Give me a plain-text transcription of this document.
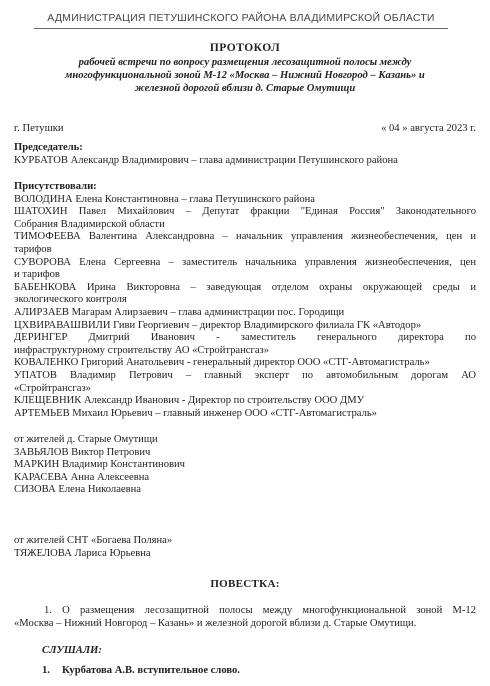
АДМИНИСТРАЦИЯ ПЕТУШИНСКОГО РАЙОНА ВЛАДИМИРСКОЙ ОБЛАСТИ
ПРОТОКОЛ
рабочей встречи по вопросу размещения лесозащитной полосы между
многофункциональной зоной М-12 «Москва – Нижний Новгород – Казань» и
железной дорогой вблизи д. Старые Омутищи
г. Петушки	« 04 » августа 2023 г.
Председатель:
КУРБАТОВ Александр Владимирович – глава администрации Петушинского района
Присутствовали:
ВОЛОДИНА Елена Константиновна – глава Петушинского района
ШАТОХИН Павел Михайлович – Депутат фракции "Единая Россия" Законодательного
Собрания Владимирской области
ТИМОФЕЕВА Валентина Александровна – начальник управления жизнеобеспечения, цен и
тарифов
СУВОРОВА Елена Сергеевна – заместитель начальника управления жизнеобеспечения, цен
и тарифов
БАБЕНКОВА Ирина Викторовна – заведующая отделом охраны окружающей среды и
экологического контроля
АЛИРЗАЕВ Магарам Алирзаевич – глава администрации пос. Городищи
ЦХВИРАВАШВИЛИ Гиви Георгиевич – директор Владимирского филиала ГК «Автодор»
ДЕРИНГЕР Дмитрий Иванович - заместитель генерального директора по
инфраструктурному строительству АО «Стройтрансгаз»
КОВАЛЕНКО Григорий Анатольевич - генеральный директор ООО «СТГ-Автомагистраль»
УПАТОВ Владимир Петрович – главный эксперт по автомобильным дорогам АО
«Стройтрансгаз»
КЛЕЩЕВНИК Александр Иванович - Директор по строительству ООО ДМУ
АРТЕМЬЕВ Михаил Юрьевич – главный инженер ООО «СТГ-Автомагистраль»
от жителей д. Старые Омутищи
ЗАВЬЯЛОВ Виктор Петрович
МАРКИН Владимир Константинович
КАРАСЕВА Анна Алексеевна
СИЗОВА Елена Николаевна
от жителей СНТ «Богаева Поляна»
ТЯЖЕЛОВА Лариса Юрьевна
ПОВЕСТКА:
1. О размещения лесозащитной полосы между многофункциональной зоной М-12
«Москва – Нижний Новгород – Казань» и железной дорогой вблизи д. Старые Омутищи.
СЛУШАЛИ:
1. Курбатова А.В. вступительное слово.
